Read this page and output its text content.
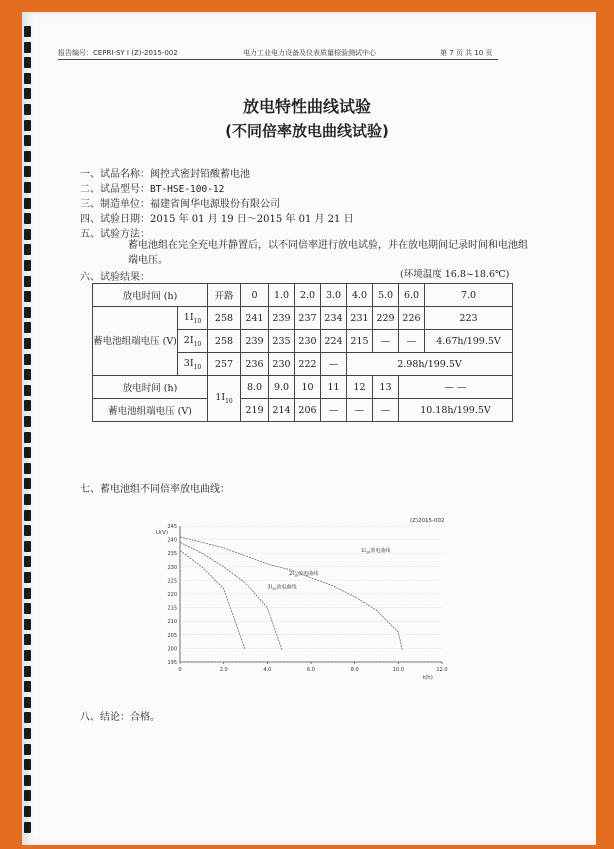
报告编号：CEPRI-SY I (Z)-2015-002	电力工业电力设备及仪表质量检验测试中心	第 7 页 共 10 页
放电特性曲线试验
(不同倍率放电曲线试验)
一、试品名称：阀控式密封铅酸蓄电池
二、试品型号：BT-HSE-100-12
三、制造单位：福建省闽华电源股份有限公司
四、试验日期：2015 年 01 月 19 日～2015 年 01 月 21 日
五、试验方法：
蓄电池组在完全充电并静置后，以不同倍率进行放电试验，并在放电期间记录时间和电池组端电压。
六、试验结果：	(环境温度 16.8~18.6℃)
放电时间 (h)		开路	0	1.0	2.0	3.0	4.0	5.0	6.0	7.0
蓄电池组端电压 (V)	$1I_{10}$	258	241	239	237	234	231	229	226	223
	$2I_{10}$	258	239	235	230	224	215	—	—	4.67h/199.5V
	$3I_{10}$	257	236	230	222	—	2.98h/199.5V			
放电时间 (h)		$1I_{10}$	8.0	9.0	10	11	12	13	— —	
蓄电池组端电压 (V)			219	214	206	—	—	—	10.18h/199.5V	
七、蓄电池组不同倍率放电曲线：
(Z)2015-002
U(V)
t(h)
195
200
205
210
215
220
225
230
235
240
245
0	2.0	4.0	6.0	8.0	10.0	12.0
$1I_{10}$放电曲线
$2I_{10}$放电曲线
$3I_{10}$放电曲线
八、结论：合格。
